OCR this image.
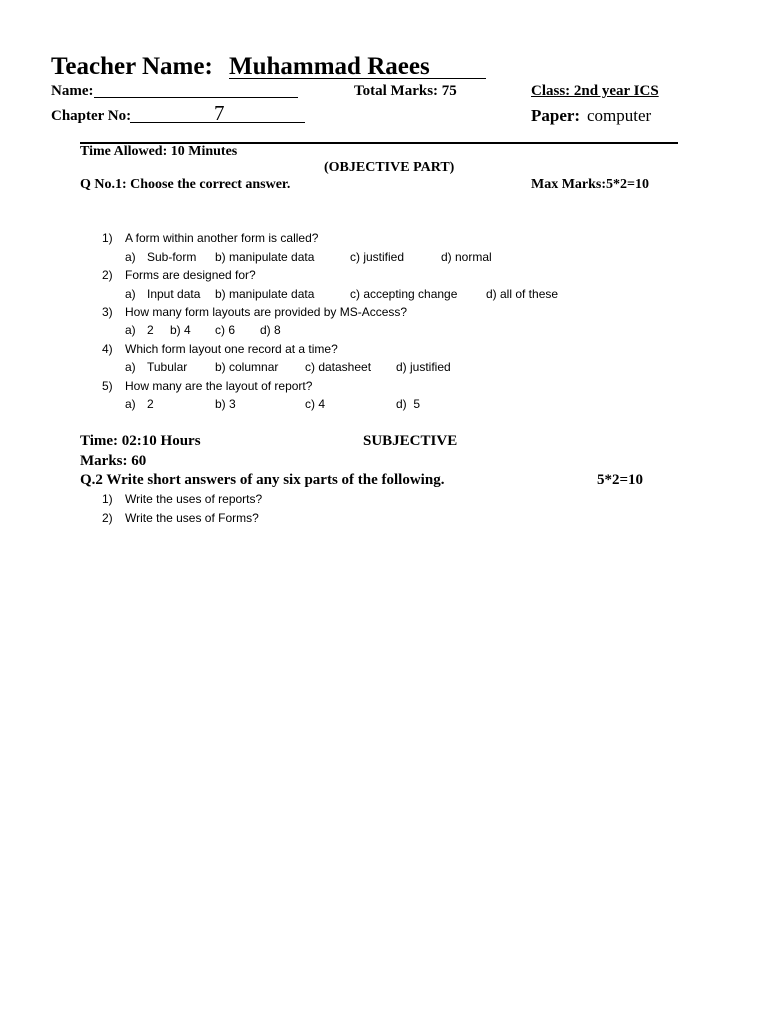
Teacher Name: Muhammad Raees
Name:	Total Marks: 75	Class: 2nd year ICS
Chapter No:	7	Paper: computer
Time Allowed: 10 Minutes
(OBJECTIVE PART)
Q No.1: Choose the correct answer.	Max Marks:5*2=10
1) A form within another form is called?
a) Sub-form b) manipulate data	c) justified	d) normal
2) Forms are designed for?
a) Input data b) manipulate data	c) accepting change d) all of these
3) How many form layouts are provided by MS-Access?
a) 2 b) 4 c) 6 d) 8
4) Which form layout one record at a time?
a) Tubular b) columnar c) datasheet d) justified
5) How many are the layout of report?
a) 2	b) 3	c) 4	d)  5
Time: 02:10 Hours	SUBJECTIVE
Marks: 60
Q.2 Write short answers of any six parts of the following.	5*2=10
1) Write the uses of reports?
2) Write the uses of Forms?
